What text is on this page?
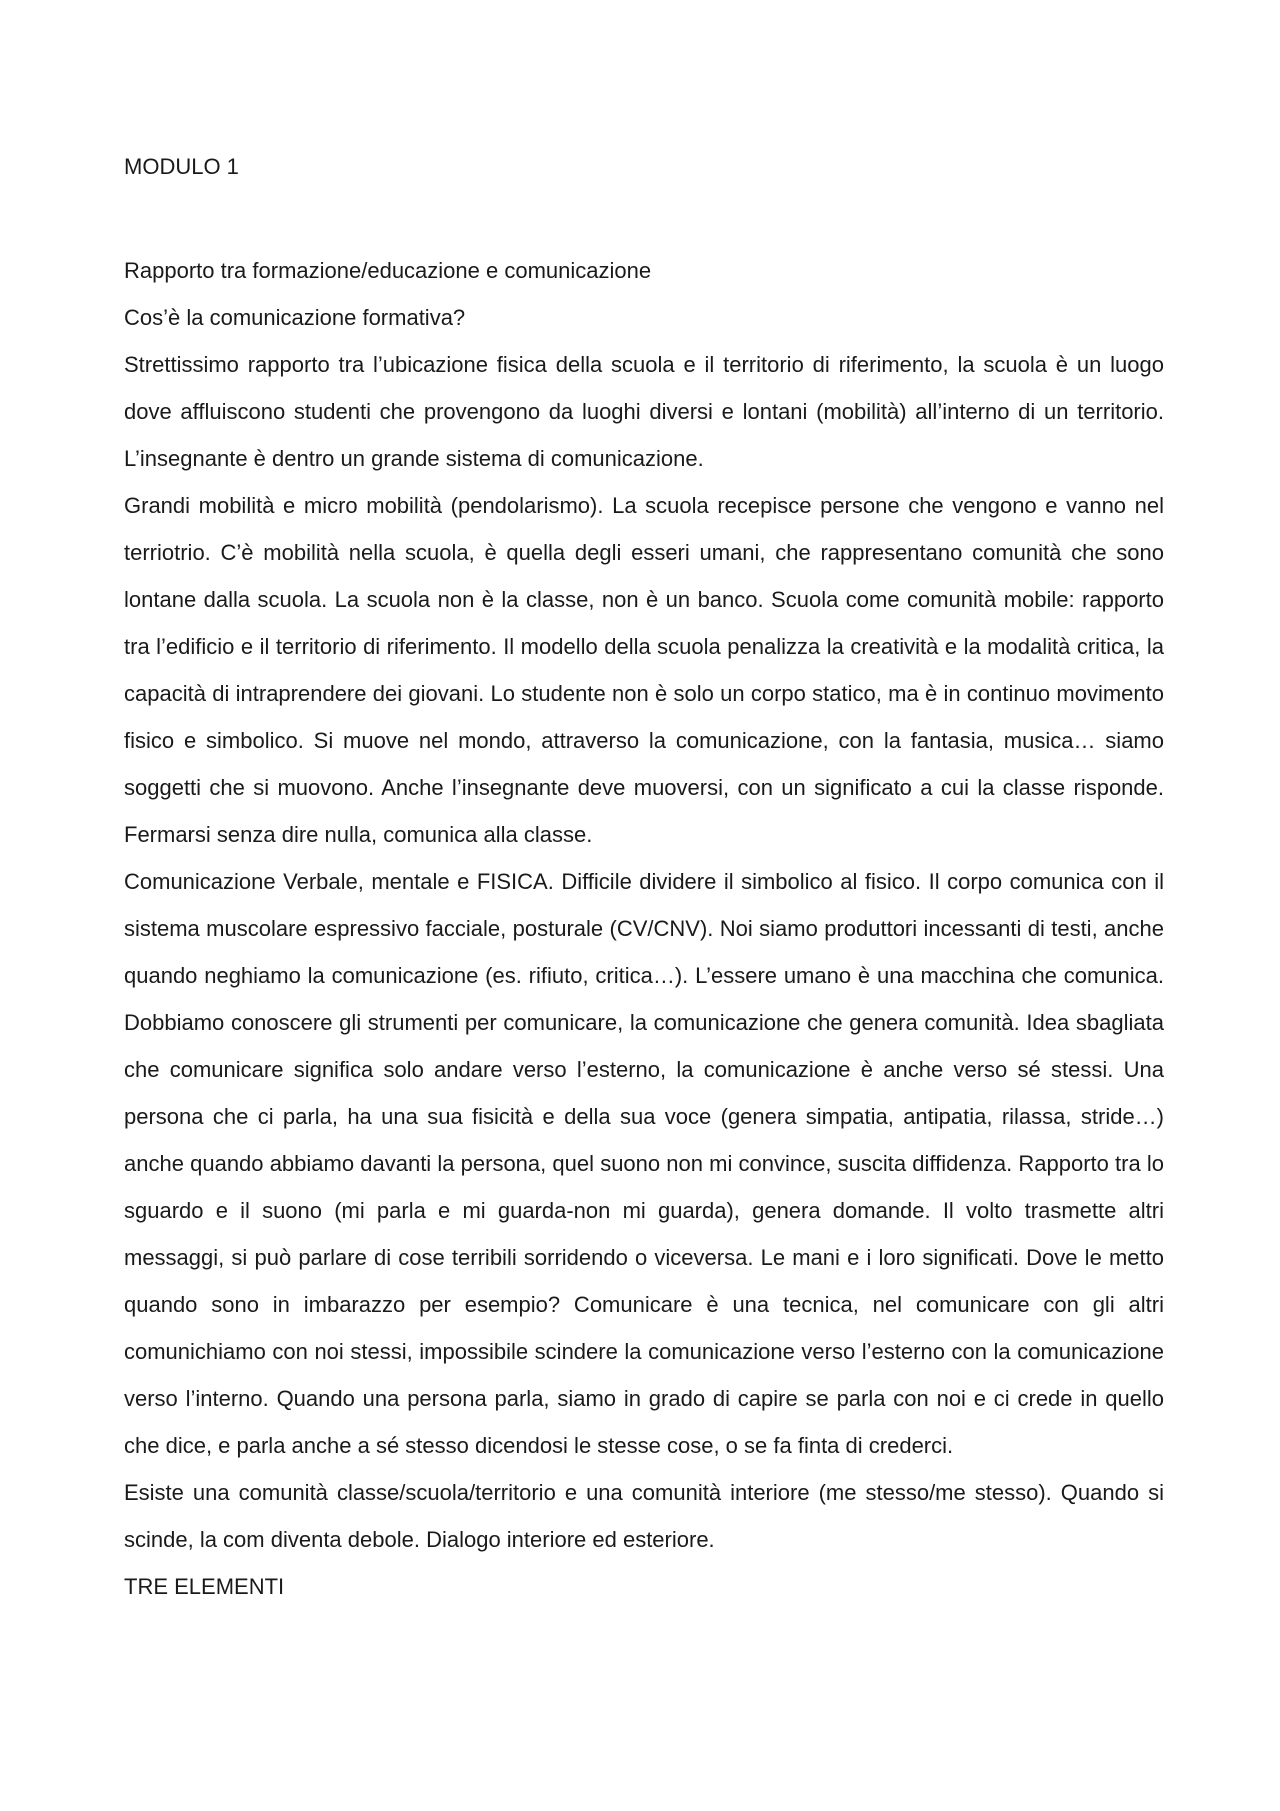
MODULO 1

Rapporto tra formazione/educazione e comunicazione

Cos’è la comunicazione formativa?

Strettissimo rapporto tra l’ubicazione fisica della scuola e il territorio di riferimento, la scuola è un luogo dove affluiscono studenti che provengono da luoghi diversi e lontani (mobilità) all’interno di un territorio. L’insegnante è dentro un grande sistema di comunicazione.

Grandi mobilità e micro mobilità (pendolarismo). La scuola recepisce persone che vengono e vanno nel terriotrio. C’è mobilità nella scuola, è quella degli esseri umani, che rappresentano comunità che sono lontane dalla scuola. La scuola non è la classe, non è un banco. Scuola come comunità mobile: rapporto tra l’edificio e il territorio di riferimento. Il modello della scuola penalizza la creatività e la modalità critica, la capacità di intraprendere dei giovani. Lo studente non è solo un corpo statico, ma è in continuo movimento fisico e simbolico. Si muove nel mondo, attraverso la comunicazione, con la fantasia, musica… siamo soggetti che si muovono. Anche l’insegnante deve muoversi, con un significato a cui la classe risponde. Fermarsi senza dire nulla, comunica alla classe.

Comunicazione Verbale, mentale e FISICA. Difficile dividere il simbolico al fisico. Il corpo comunica con il sistema muscolare espressivo facciale, posturale (CV/CNV). Noi siamo produttori incessanti di testi, anche quando neghiamo la comunicazione (es. rifiuto, critica…). L’essere umano è una macchina che comunica. Dobbiamo conoscere gli strumenti per comunicare, la comunicazione che genera comunità. Idea sbagliata che comunicare significa solo andare verso l’esterno, la comunicazione è anche verso sé stessi. Una persona che ci parla, ha una sua fisicità e della sua voce (genera simpatia, antipatia, rilassa, stride…) anche quando abbiamo davanti la persona, quel suono non mi convince, suscita diffidenza. Rapporto tra lo sguardo e il suono (mi parla e mi guarda-non mi guarda), genera domande. Il volto trasmette altri messaggi, si può parlare di cose terribili sorridendo o viceversa. Le mani e i loro significati. Dove le metto quando sono in imbarazzo per esempio? Comunicare è una tecnica, nel comunicare con gli altri comunichiamo con noi stessi, impossibile scindere la comunicazione verso l’esterno con la comunicazione verso l’interno. Quando una persona parla, siamo in grado di capire se parla con noi e ci crede in quello che dice, e parla anche a sé stesso dicendosi le stesse cose, o se fa finta di crederci.

Esiste una comunità classe/scuola/territorio e una comunità interiore (me stesso/me stesso). Quando si scinde, la com diventa debole. Dialogo interiore ed esteriore.

TRE ELEMENTI
